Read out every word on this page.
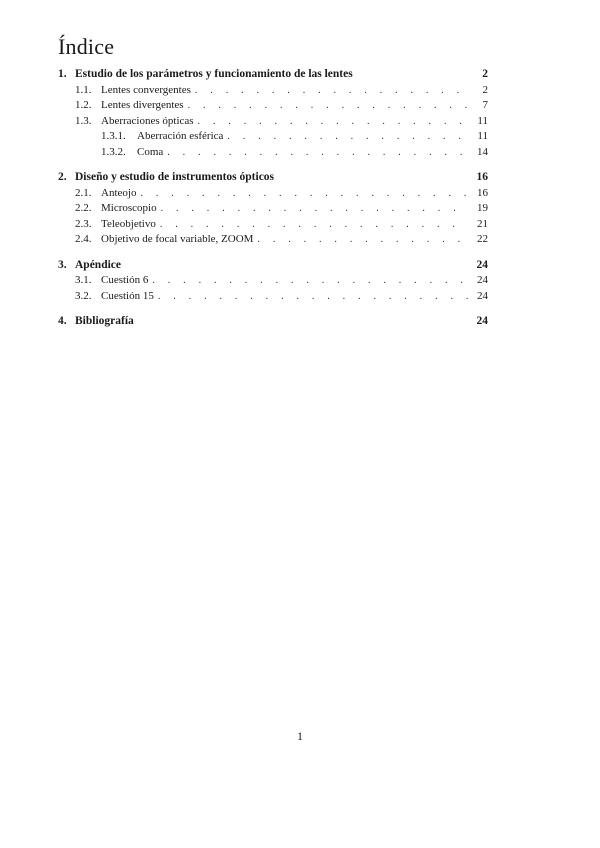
Índice
1. Estudio de los parámetros y funcionamiento de las lentes	2
1.1. Lentes convergentes . . .	2
1.2. Lentes divergentes . . .	7
1.3. Aberraciones ópticas . . .	11
1.3.1.	Aberración esférica . . .	11
1.3.2.	Coma . . .	14
2. Diseño y estudio de instrumentos ópticos	16
2.1. Anteojo . . .	16
2.2. Microscopio . . .	19
2.3. Teleobjetivo . . .	21
2.4. Objetivo de focal variable, ZOOM . . .	22
3. Apéndice	24
3.1. Cuestión 6 . . .	24
3.2. Cuestión 15 . . .	24
4. Bibliografía	24
1
